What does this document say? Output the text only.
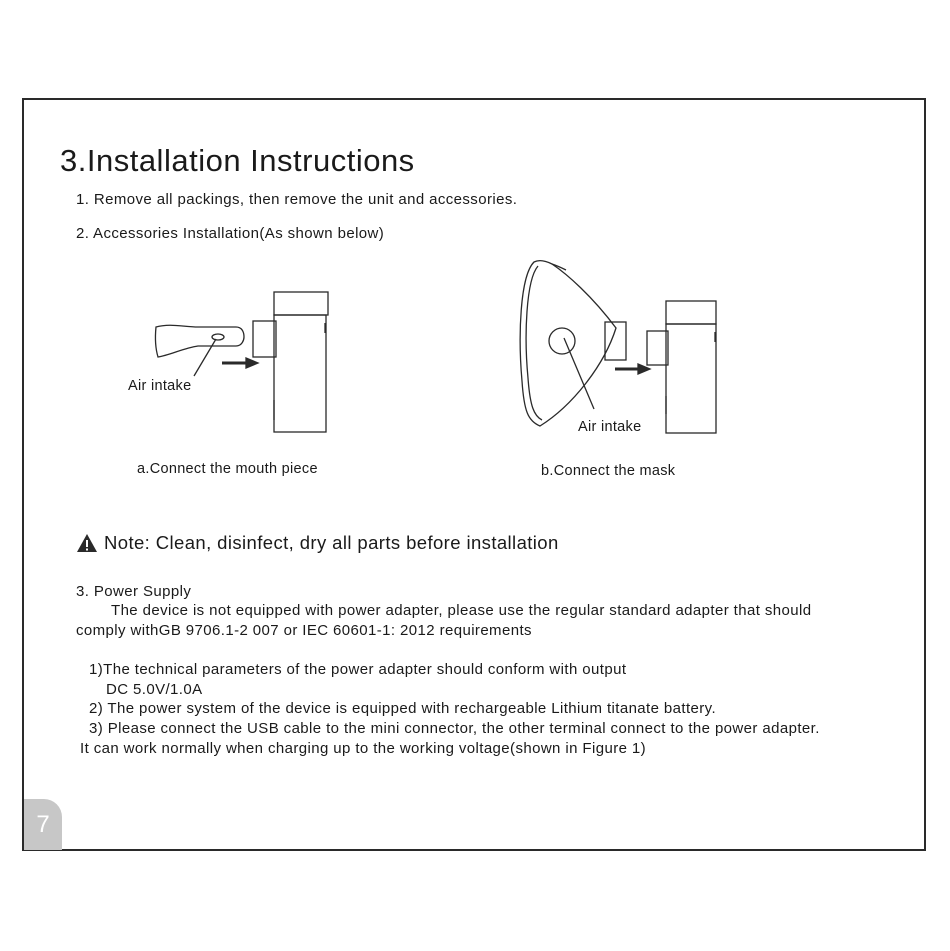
3.Installation Instructions
1. Remove all packings, then remove the unit and accessories.
2. Accessories Installation(As shown below)
Air intake
a.Connect the mouth piece
Air intake
b.Connect the mask
Note: Clean, disinfect, dry all parts before installation
3. Power Supply
The device is not equipped with power adapter, please use the regular standard adapter that should
comply withGB 9706.1-2 007 or IEC 60601-1: 2012 requirements
1)The technical parameters of the power adapter should conform with output
DC 5.0V/1.0A
2) The power system of the device is equipped with rechargeable Lithium titanate battery.
3) Please connect the USB cable to the mini connector, the other terminal connect to the power adapter.
It can work normally when charging up to the working voltage(shown in Figure 1)
7
